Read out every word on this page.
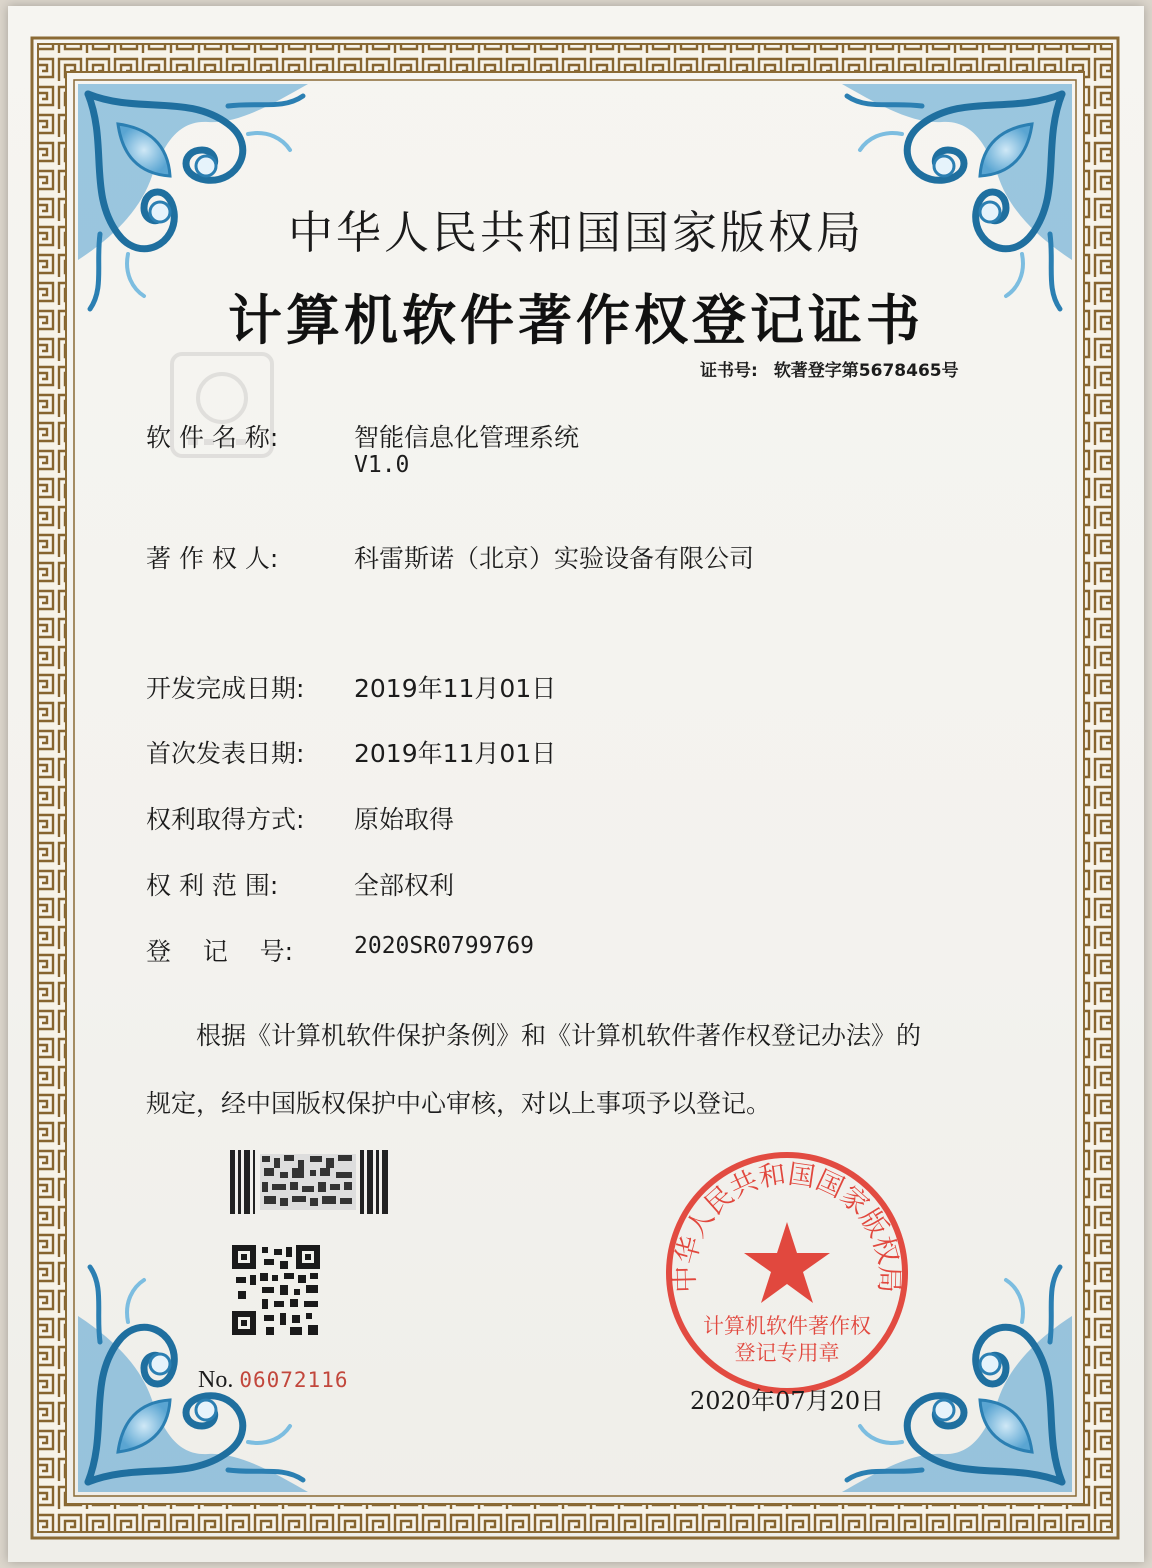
中华人民共和国国家版权局
计算机软件著作权登记证书
证书号: 软著登字第5678465号
软 件 名 称:	智能信息化管理系统
V1.0
著 作 权 人:	科雷斯诺（北京）实验设备有限公司
开发完成日期: 2019年11月01日
首次发表日期: 2019年11月01日
权利取得方式: 原始取得
权 利 范 围:	全部权利
登    记    号:	2020SR0799769
根据《计算机软件保护条例》和《计算机软件著作权登记办法》的
规定，经中国版权保护中心审核，对以上事项予以登记。
No. 06072116
中华人民共和国国家版权局
计算机软件著作权
登记专用章
2020年07月20日
